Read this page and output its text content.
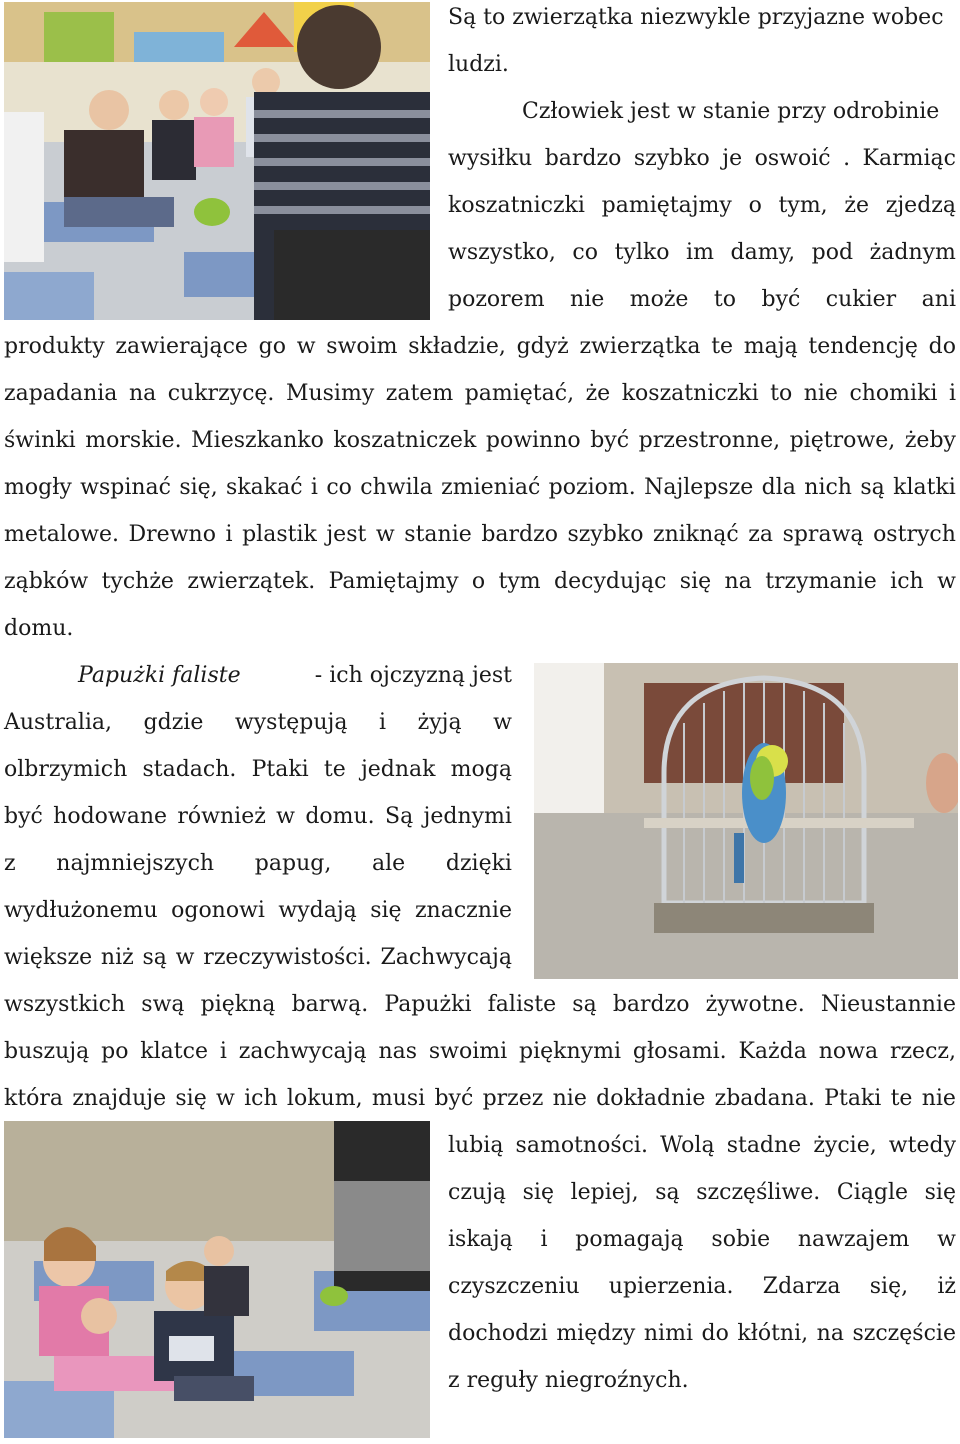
Są to zwierzątka niezwykle przyjazne wobec
ludzi.
Człowiek jest w stanie przy odrobinie
wysiłku bardzo szybko je oswoić . Karmiąc
koszatniczki pamiętajmy o tym, że zjedzą
wszystko, co tylko im damy, pod żadnym
pozorem nie może to być cukier ani
produkty zawierające go w swoim składzie, gdyż zwierzątka te mają tendencję do
zapadania na cukrzycę. Musimy zatem pamiętać, że koszatniczki to nie chomiki i
świnki morskie. Mieszkanko koszatniczek powinno być przestronne, piętrowe, żeby
mogły wspinać się, skakać i co chwila zmieniać poziom. Najlepsze dla nich są klatki
metalowe. Drewno i plastik jest w stanie bardzo szybko zniknąć za sprawą ostrych
ząbków tychże zwierzątek. Pamiętajmy o tym decydując się na trzymanie ich w
domu.
Papużki faliste	- ich ojczyzną jest
Australia, gdzie występują i żyją w
olbrzymich stadach. Ptaki te jednak mogą
być hodowane również w domu. Są jednymi
z najmniejszych papug, ale dzięki
wydłużonemu ogonowi wydają się znacznie
większe niż są w rzeczywistości. Zachwycają
wszystkich swą piękną barwą. Papużki faliste są bardzo żywotne. Nieustannie
buszują po klatce i zachwycają nas swoimi pięknymi głosami. Każda nowa rzecz,
która znajduje się w ich lokum, musi być przez nie dokładnie zbadana. Ptaki te nie
lubią samotności. Wolą stadne życie, wtedy
czują się lepiej, są szczęśliwe. Ciągle się
iskają i pomagają sobie nawzajem w
czyszczeniu upierzenia. Zdarza się, iż
dochodzi między nimi do kłótni, na szczęście
z reguły niegroźnych.
